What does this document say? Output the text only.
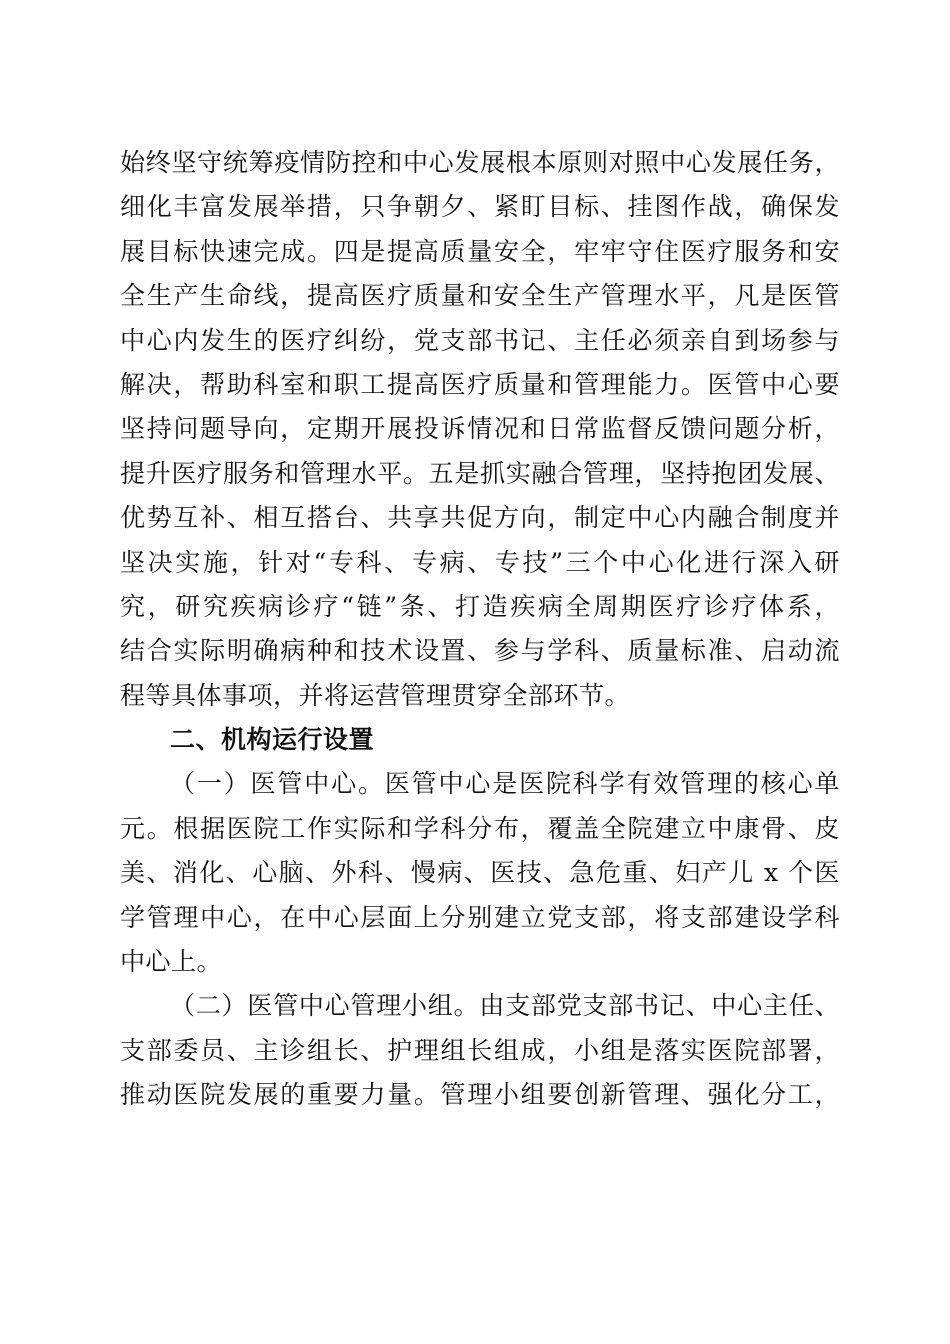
始终坚守统筹疫情防控和中心发展根本原则对照中心发展任务，
细化丰富发展举措，只争朝夕、紧盯目标、挂图作战，确保发
展目标快速完成。四是提高质量安全，牢牢守住医疗服务和安
全生产生命线，提高医疗质量和安全生产管理水平，凡是医管
中心内发生的医疗纠纷，党支部书记、主任必须亲自到场参与
解决，帮助科室和职工提高医疗质量和管理能力。医管中心要
坚持问题导向，定期开展投诉情况和日常监督反馈问题分析，
提升医疗服务和管理水平。五是抓实融合管理，坚持抱团发展、
优势互补、相互搭台、共享共促方向，制定中心内融合制度并
坚决实施，针对“专科、专病、专技”三个中心化进行深入研
究，研究疾病诊疗“链”条、打造疾病全周期医疗诊疗体系，
结合实际明确病种和技术设置、参与学科、质量标准、启动流
程等具体事项，并将运营管理贯穿全部环节。
二、机构运行设置
（一）医管中心。医管中心是医院科学有效管理的核心单
元。根据医院工作实际和学科分布，覆盖全院建立中康骨、皮
美、消化、心脑、外科、慢病、医技、急危重、妇产儿 x 个医
学管理中心，在中心层面上分别建立党支部，将支部建设学科
中心上。
（二）医管中心管理小组。由支部党支部书记、中心主任、
支部委员、主诊组长、护理组长组成，小组是落实医院部署，
推动医院发展的重要力量。管理小组要创新管理、强化分工，
